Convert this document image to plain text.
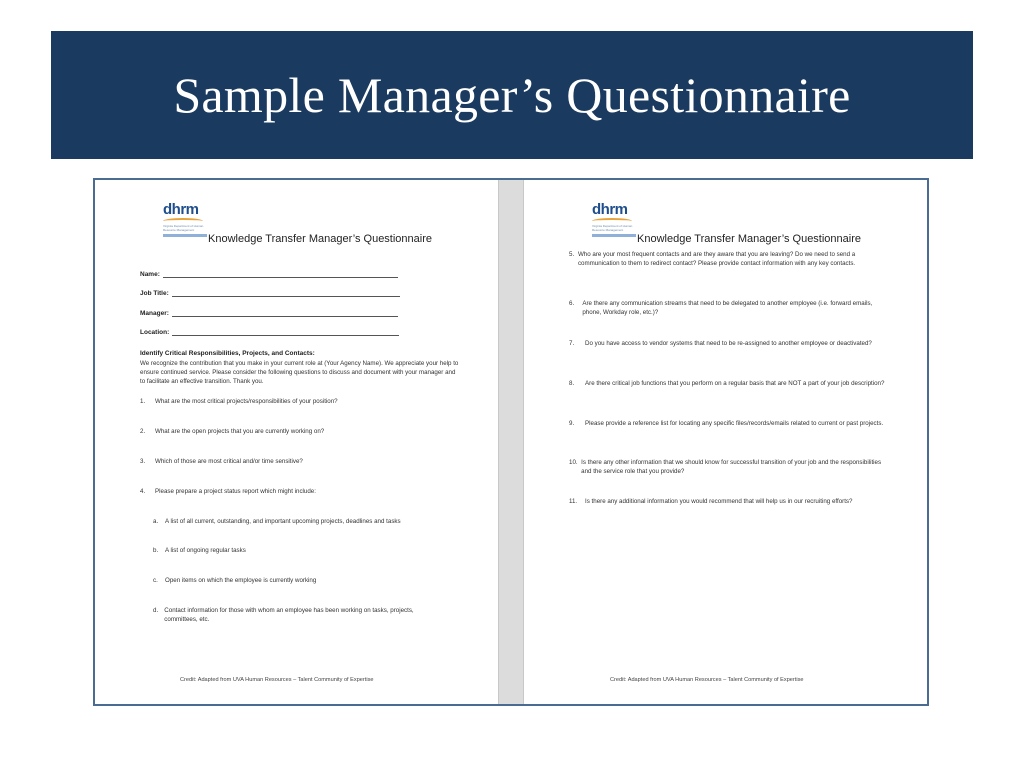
Sample Manager’s Questionnaire
dhrm
Virginia Department of Human Resource Management
Knowledge Transfer Manager’s Questionnaire
Name:
Job Title:
Manager:
Location:
Identify Critical Responsibilities, Projects, and Contacts:
We recognize the contribution that you make in your current role at (Your Agency Name). We appreciate your help to ensure continued service. Please consider the following questions to discuss and document with your manager and to facilitate an effective transition. Thank you.
1.	What are the most critical projects/responsibilities of your position?
2.	What are the open projects that you are currently working on?
3.	Which of those are most critical and/or time sensitive?
4.	Please prepare a project status report which might include:
a.	A list of all current, outstanding, and important upcoming projects, deadlines and tasks
b.	A list of ongoing regular tasks
c.	Open items on which the employee is currently working
d. Contact information for those with whom an employee has been working on tasks, projects, committees, etc.
Credit: Adapted from UVA Human Resources – Talent Community of Expertise
dhrm
Virginia Department of Human Resource Management
Knowledge Transfer Manager’s Questionnaire
5. Who are your most frequent contacts and are they aware that you are leaving? Do we need to send a communication to them to redirect contact? Please provide contact information with any key contacts.
6.	Are there any communication streams that need to be delegated to another employee (i.e. forward emails, phone, Workday role, etc.)?
7.	Do you have access to vendor systems that need to be re-assigned to another employee or deactivated?
8.	Are there critical job functions that you perform on a regular basis that are NOT a part of your job description?
9.	Please provide a reference list for locating any specific files/records/emails related to current or past projects.
10. Is there any other information that we should know for successful transition of your job and the responsibilities and the service role that you provide?
11.	Is there any additional information you would recommend that will help us in our recruiting efforts?
Credit: Adapted from UVA Human Resources – Talent Community of Expertise
